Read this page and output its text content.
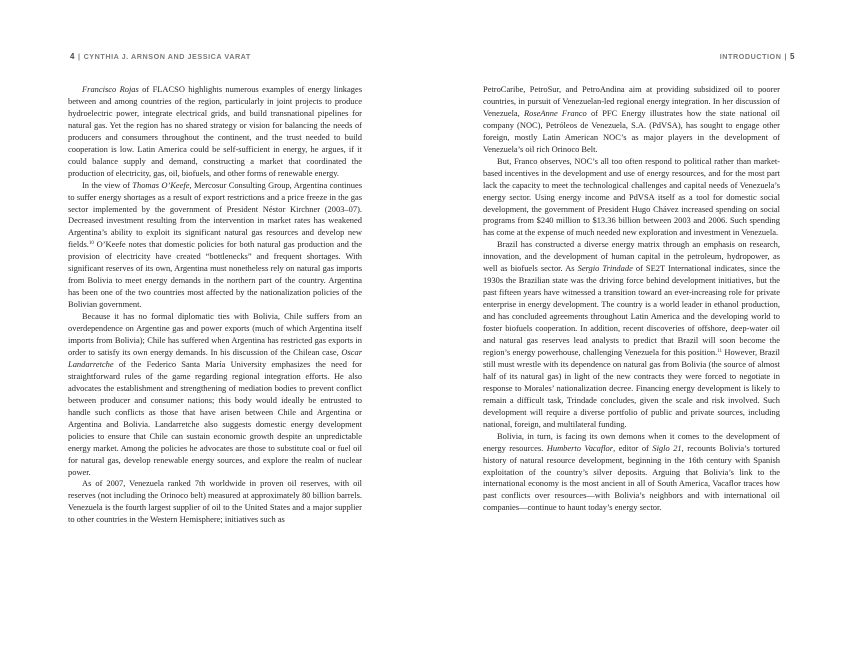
4 | CYNTHIA J. ARNSON AND JESSICA VARAT

Francisco Rojas of FLACSO highlights numerous examples of energy linkages between and among countries of the region, particularly in joint projects to produce hydroelectric power, integrate electrical grids, and build transnational pipelines for natural gas. Yet the region has no shared strategy or vision for balancing the needs of producers and consumers throughout the continent, and the trust needed to build cooperation is low. Latin America could be self-sufficient in energy, he argues, if it could balance supply and demand, constructing a market that coordinated the production of electricity, gas, oil, biofuels, and other forms of renewable energy.

In the view of Thomas O’Keefe, Mercosur Consulting Group, Argentina continues to suffer energy shortages as a result of export restrictions and a price freeze in the gas sector implemented by the government of President Néstor Kirchner (2003–07). Decreased investment resulting from the intervention in market rates has weakened Argentina’s ability to exploit its significant natural gas resources and develop new fields.$^{10}$ O’Keefe notes that domestic policies for both natural gas production and the provision of electricity have created “bottlenecks” and frequent shortages. With significant reserves of its own, Argentina must nonetheless rely on natural gas imports from Bolivia to meet energy demands in the northern part of the country. Argentina has been one of the two countries most affected by the nationalization policies of the Bolivian government.

Because it has no formal diplomatic ties with Bolivia, Chile suffers from an overdependence on Argentine gas and power exports (much of which Argentina itself imports from Bolivia); Chile has suffered when Argentina has restricted gas exports in order to satisfy its own energy demands. In his discussion of the Chilean case, Oscar Landarretche of the Federico Santa María University emphasizes the need for straightforward rules of the game regarding regional integration efforts. He also advocates the establishment and strengthening of mediation bodies to prevent conflict between producer and consumer nations; this body would ideally be entrusted to handle such conflicts as those that have arisen between Chile and Argentina or Argentina and Bolivia. Landarretche also suggests domestic energy development policies to ensure that Chile can sustain economic growth despite an unpredictable energy market. Among the policies he advocates are those to substitute coal or fuel oil for natural gas, develop renewable energy sources, and explore the realm of nuclear power.

As of 2007, Venezuela ranked 7th worldwide in proven oil reserves, with oil reserves (not including the Orinoco belt) measured at approximately 80 billion barrels. Venezuela is the fourth largest supplier of oil to the United States and a major supplier to other countries in the Western Hemisphere; initiatives such as

INTRODUCTION | 5

PetroCaribe, PetroSur, and PetroAndina aim at providing subsidized oil to poorer countries, in pursuit of Venezuelan-led regional energy integration. In her discussion of Venezuela, RoseAnne Franco of PFC Energy illustrates how the state national oil company (NOC), Petróleos de Venezuela, S.A. (PdVSA), has sought to engage other foreign, mostly Latin American NOC’s as major players in the development of Venezuela’s oil rich Orinoco Belt.

But, Franco observes, NOC’s all too often respond to political rather than market-based incentives in the development and use of energy resources, and for the most part lack the capacity to meet the technological challenges and capital needs of Venezuela’s energy sector. Using energy income and PdVSA itself as a tool for domestic social development, the government of President Hugo Chávez increased spending on social programs from $240 million to $13.36 billion between 2003 and 2006. Such spending has come at the expense of much needed new exploration and investment in Venezuela.

Brazil has constructed a diverse energy matrix through an emphasis on research, innovation, and the development of human capital in the petroleum, hydropower, as well as biofuels sector. As Sergio Trindade of SE2T International indicates, since the 1930s the Brazilian state was the driving force behind development initiatives, but the past fifteen years have witnessed a transition toward an ever-increasing role for private enterprise in energy development. The country is a world leader in ethanol production, and has concluded agreements throughout Latin America and the developing world to foster biofuels cooperation. In addition, recent discoveries of offshore, deep-water oil and natural gas reserves lead analysts to predict that Brazil will soon become the region’s energy powerhouse, challenging Venezuela for this position.$^{11}$ However, Brazil still must wrestle with its dependence on natural gas from Bolivia (the source of almost half of its natural gas) in light of the new contracts they were forced to negotiate in response to Morales’ nationalization decree. Financing energy development is likely to remain a difficult task, Trindade concludes, given the scale and risk involved. Such development will require a diverse portfolio of public and private sources, including national, foreign, and multilateral funding.

Bolivia, in turn, is facing its own demons when it comes to the development of energy resources. Humberto Vacaflor, editor of Siglo 21, recounts Bolivia’s tortured history of natural resource development, beginning in the 16th century with Spanish exploitation of the country’s silver deposits. Arguing that Bolivia’s link to the international economy is the most ancient in all of South America, Vacaflor traces how past conflicts over resources—with Bolivia’s neighbors and with international oil companies—continue to haunt today’s energy sector.
